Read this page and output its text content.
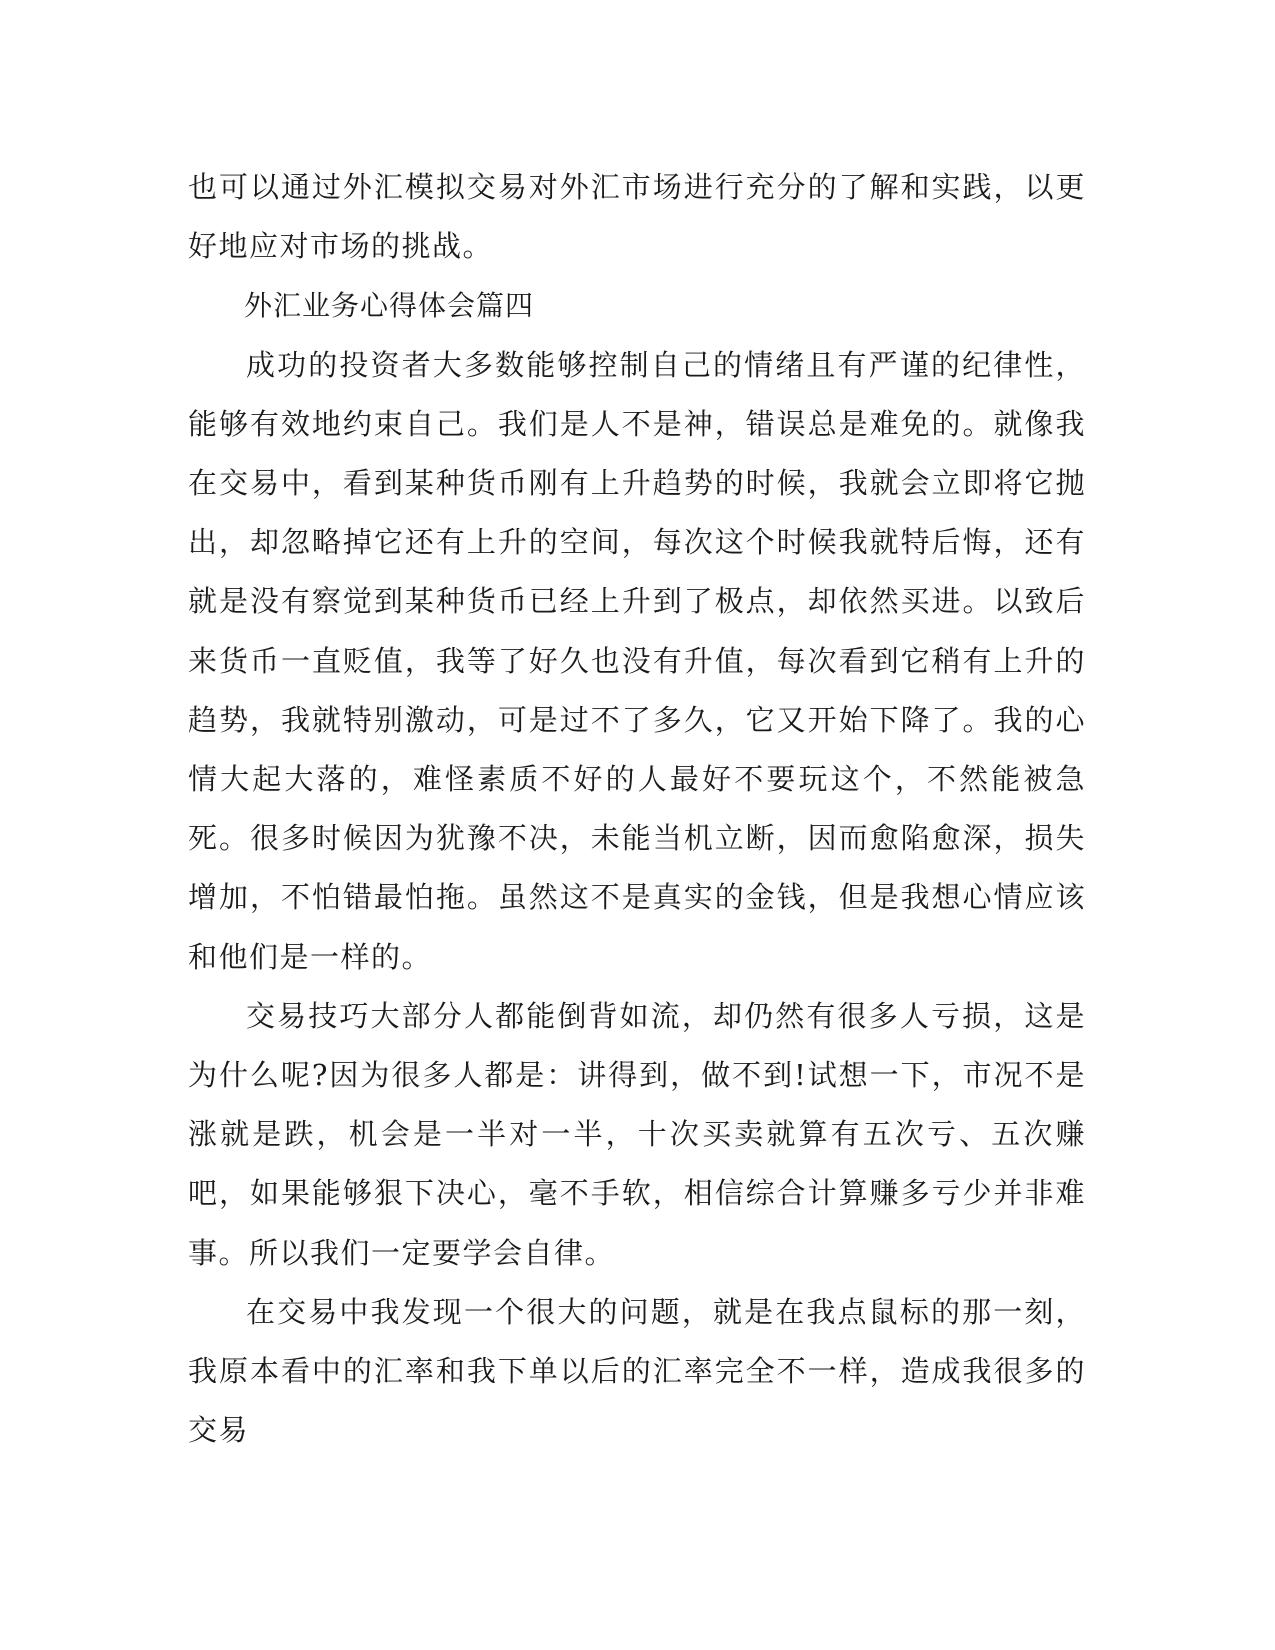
也可以通过外汇模拟交易对外汇市场进行充分的了解和实践，以更好地应对市场的挑战。

外汇业务心得体会篇四

成功的投资者大多数能够控制自己的情绪且有严谨的纪律性，能够有效地约束自己。我们是人不是神，错误总是难免的。就像我在交易中，看到某种货币刚有上升趋势的时候，我就会立即将它抛出，却忽略掉它还有上升的空间，每次这个时候我就特后悔，还有就是没有察觉到某种货币已经上升到了极点，却依然买进。以致后来货币一直贬值，我等了好久也没有升值，每次看到它稍有上升的趋势，我就特别激动，可是过不了多久，它又开始下降了。我的心情大起大落的，难怪素质不好的人最好不要玩这个，不然能被急死。很多时候因为犹豫不决，未能当机立断，因而愈陷愈深，损失增加，不怕错最怕拖。虽然这不是真实的金钱，但是我想心情应该和他们是一样的。

交易技巧大部分人都能倒背如流，却仍然有很多人亏损，这是为什么呢?因为很多人都是：讲得到，做不到!试想一下，市况不是涨就是跌，机会是一半对一半，十次买卖就算有五次亏、五次赚吧，如果能够狠下决心，毫不手软，相信综合计算赚多亏少并非难事。所以我们一定要学会自律。

在交易中我发现一个很大的问题，就是在我点鼠标的那一刻，我原本看中的汇率和我下单以后的汇率完全不一样，造成我很多的交易
